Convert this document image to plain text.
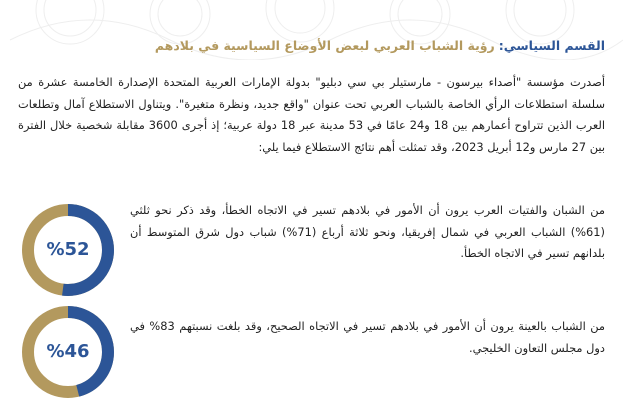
القسم السياسي: رؤية الشباب العربي لبعض الأوضاع السياسية في بلادهم
أصدرت مؤسسة "أصداء بيرسون - مارستيلر بي سي دبليو" بدولة الإمارات العربية المتحدة الإصدارة الخامسة عشرة من سلسلة استطلاعات الرأي الخاصة بالشباب العربي تحت عنوان "واقع جديد، ونظرة متغيرة". ويتناول الاستطلاع آمال وتطلعات العرب الذين تتراوح أعمارهم بين 18 و24 عامًا في 53 مدينة عبر 18 دولة عربية؛ إذ أجرى 3600 مقابلة شخصية خلال الفترة بين 27 مارس و12 أبريل 2023، وقد تمثلت أهم نتائج الاستطلاع فيما يلي:
من الشبان والفتيات العرب يرون أن الأمور في بلادهم تسير في الاتجاه الخطأ، وقد ذكر نحو ثلثي (61%) الشباب العربي في شمال إفريقيا، ونحو ثلاثة أرباع (71%) شباب دول شرق المتوسط أن بلدانهم تسير في الاتجاه الخطأ.
%52
من الشباب بالعينة يرون أن الأمور في بلادهم تسير في الاتجاه الصحيح، وقد بلغت نسبتهم 83% في دول مجلس التعاون الخليجي.
%46
